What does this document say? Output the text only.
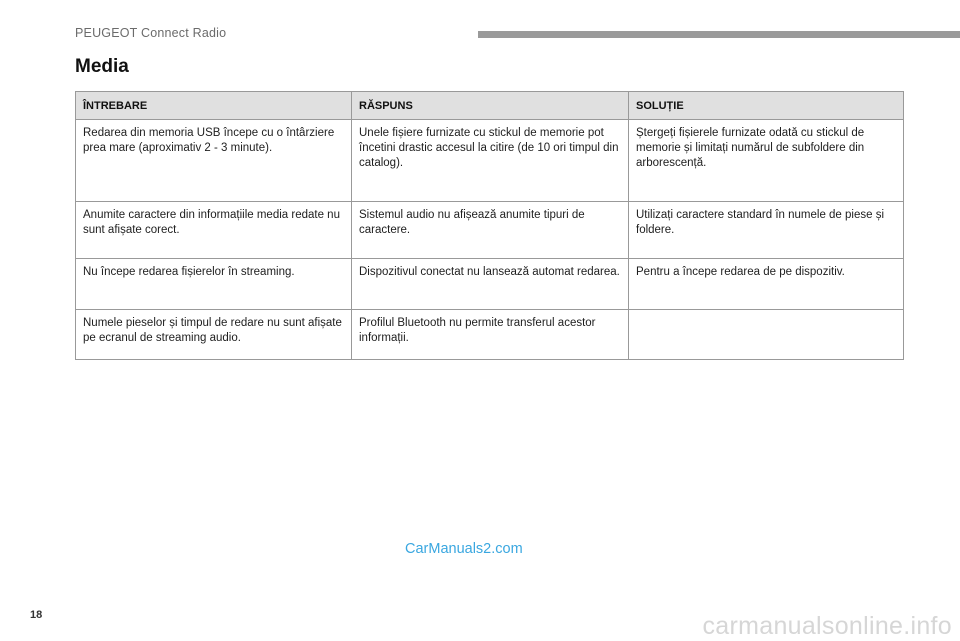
PEUGEOT Connect Radio
Media
ÎNTREBARE	RĂSPUNS	SOLUȚIE
Redarea din memoria USB începe cu o întârziere prea mare (aproximativ 2 - 3 minute).	Unele fișiere furnizate cu stickul de memorie pot încetini drastic accesul la citire (de 10 ori timpul din catalog).	Ștergeți fișierele furnizate odată cu stickul de memorie și limitați numărul de subfoldere din arborescență.
Anumite caractere din informațiile media redate nu sunt afișate corect.	Sistemul audio nu afișează anumite tipuri de caractere.	Utilizați caractere standard în numele de piese și foldere.
Nu începe redarea fișierelor în streaming.	Dispozitivul conectat nu lansează automat redarea.	Pentru a începe redarea de pe dispozitiv.
Numele pieselor și timpul de redare nu sunt afișate pe ecranul de streaming audio.	Profilul Bluetooth nu permite transferul acestor informații.	
CarManuals2.com
18	carmanualsonline.info
